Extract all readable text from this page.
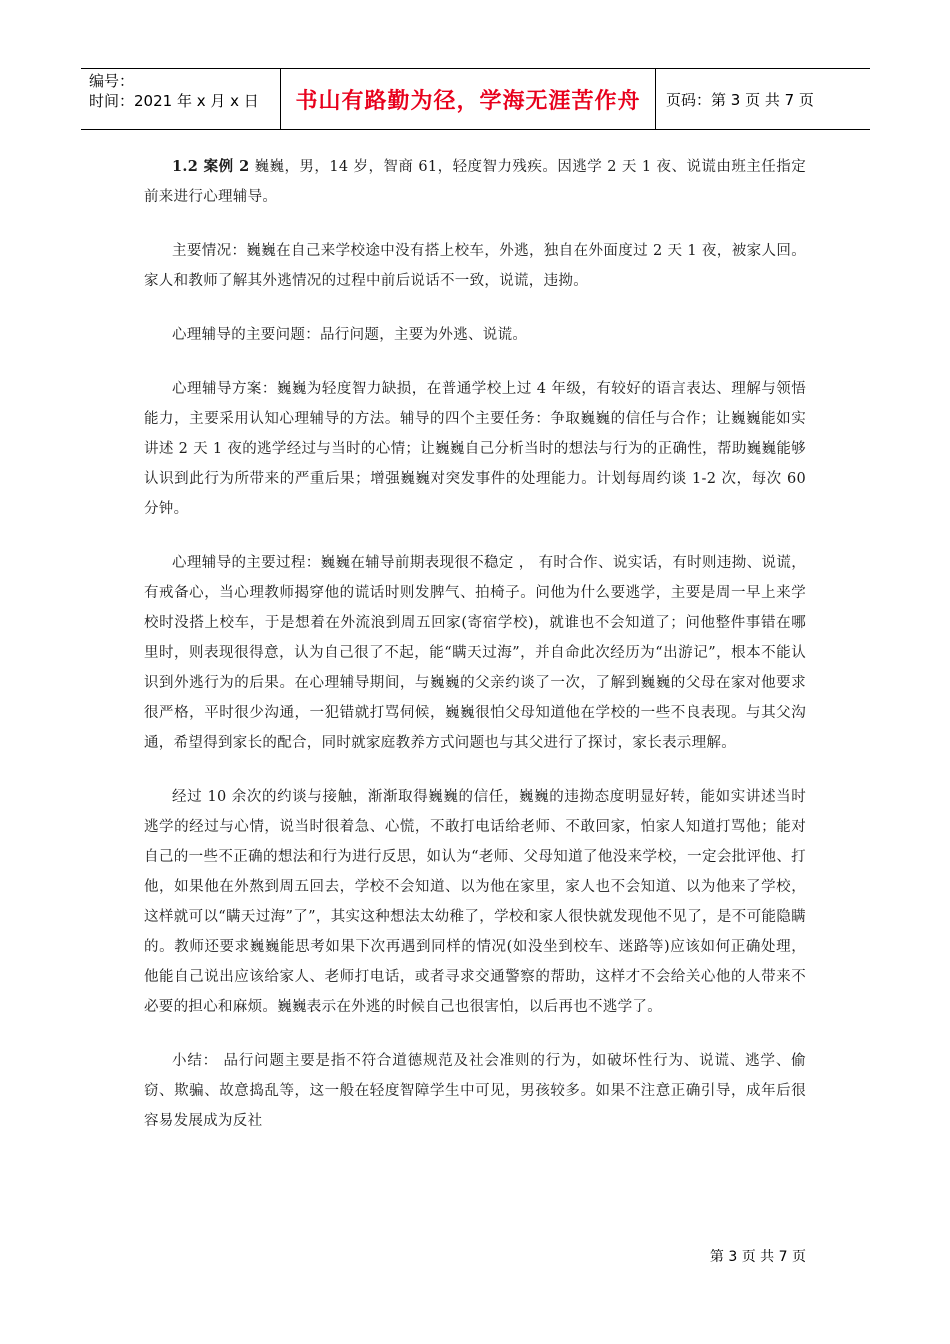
编号：
时间：2021 年 x 月 x 日	书山有路勤为径，学海无涯苦作舟	页码：第 3 页 共 7 页

1.2 案例 2 巍巍，男，14 岁，智商 61，轻度智力残疾。因逃学 2 天 1 夜、说谎由班主任指定前来进行心理辅导。

主要情况：巍巍在自己来学校途中没有搭上校车，外逃，独自在外面度过 2 天 1 夜，被家人回。家人和教师了解其外逃情况的过程中前后说话不一致，说谎，违拗。

心理辅导的主要问题：品行问题，主要为外逃、说谎。

心理辅导方案：巍巍为轻度智力缺损，在普通学校上过 4 年级，有较好的语言表达、理解与领悟能力，主要采用认知心理辅导的方法。辅导的四个主要任务：争取巍巍的信任与合作；让巍巍能如实讲述 2 天 1 夜的逃学经过与当时的心情；让巍巍自己分析当时的想法与行为的正确性，帮助巍巍能够认识到此行为所带来的严重后果；增强巍巍对突发事件的处理能力。计划每周约谈 1-2 次，每次 60 分钟。

心理辅导的主要过程：巍巍在辅导前期表现很不稳定 ， 有时合作、说实话，有时则违拗、说谎，有戒备心，当心理教师揭穿他的谎话时则发脾气、拍椅子。问他为什么要逃学，主要是周一早上来学校时没搭上校车，于是想着在外流浪到周五回家(寄宿学校)，就谁也不会知道了；问他整件事错在哪里时，则表现很得意，认为自己很了不起，能“瞒天过海”，并自命此次经历为“出游记”，根本不能认识到外逃行为的后果。在心理辅导期间，与巍巍的父亲约谈了一次，了解到巍巍的父母在家对他要求很严格，平时很少沟通，一犯错就打骂伺候，巍巍很怕父母知道他在学校的一些不良表现。与其父沟通，希望得到家长的配合，同时就家庭教养方式问题也与其父进行了探讨，家长表示理解。

经过 10 余次的约谈与接触，渐渐取得巍巍的信任，巍巍的违拗态度明显好转，能如实讲述当时逃学的经过与心情，说当时很着急、心慌，不敢打电话给老师、不敢回家，怕家人知道打骂他；能对自己的一些不正确的想法和行为进行反思，如认为“老师、父母知道了他没来学校，一定会批评他、打他，如果他在外熬到周五回去，学校不会知道、以为他在家里，家人也不会知道、以为他来了学校，这样就可以“瞒天过海”了”，其实这种想法太幼稚了，学校和家人很快就发现他不见了，是不可能隐瞒的。教师还要求巍巍能思考如果下次再遇到同样的情况(如没坐到校车、迷路等)应该如何正确处理，他能自己说出应该给家人、老师打电话，或者寻求交通警察的帮助，这样才不会给关心他的人带来不必要的担心和麻烦。巍巍表示在外逃的时候自己也很害怕，以后再也不逃学了。

小结： 品行问题主要是指不符合道德规范及社会准则的行为，如破坏性行为、说谎、逃学、偷窃、欺骗、故意捣乱等，这一般在轻度智障学生中可见，男孩较多。如果不注意正确引导，成年后很容易发展成为反社

第 3 页 共 7 页
